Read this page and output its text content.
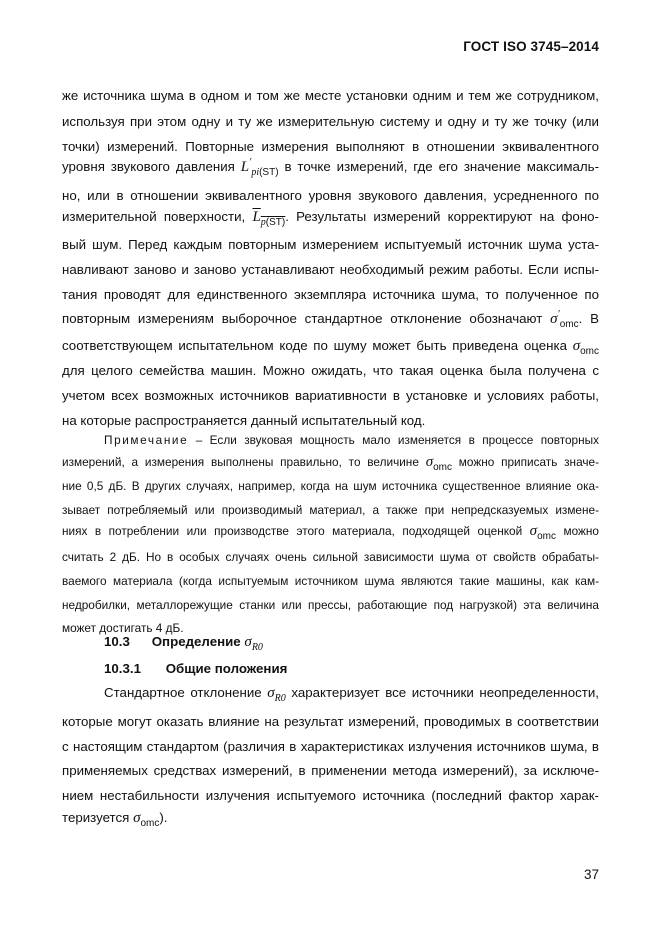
ГОСТ ISO 3745–2014
же источника шума в одном и том же месте установки одним и тем же сотрудником,
используя при этом одну и ту же измерительную систему и одну и ту же точку (или
точки) измерений. Повторные измерения выполняют в отношении эквивалентного
уровня звукового давления $L'_{pi(ST)}$ в точке измерений, где его значение максималь-
но, или в отношении эквивалентного уровня звукового давления, усредненного по
измерительной поверхности, $L_{p(ST)}$. Результаты измерений корректируют на фоно-
вый шум. Перед каждым повторным измерением испытуемый источник шума уста-
навливают заново и заново устанавливают необходимый режим работы. Если испы-
тания проводят для единственного экземпляра источника шума, то полученное по
повторным измерениям выборочное стандартное отклонение обозначают $\sigma'_{omc}$. В
соответствующем испытательном коде по шуму может быть приведена оценка $\sigma_{omc}$
для целого семейства машин. Можно ожидать, что такая оценка была получена с
учетом всех возможных источников вариативности в установке и условиях работы,
на которые распространяется данный испытательный код.
Примечание – Если звуковая мощность мало изменяется в процессе повторных
измерений, а измерения выполнены правильно, то величине $\sigma_{omc}$ можно приписать значе-
ние 0,5 дБ. В других случаях, например, когда на шум источника существенное влияние ока-
зывает потребляемый или производимый материал, а также при непредсказуемых измене-
ниях в потреблении или производстве этого материала, подходящей оценкой $\sigma_{omc}$ можно
считать 2 дБ. Но в особых случаях очень сильной зависимости шума от свойств обрабаты-
ваемого материала (когда испытуемым источником шума являются такие машины, как кам-
недробилки, металлорежущие станки или прессы, работающие под нагрузкой) эта величина
может достигать 4 дБ.
10.3 Определение $\sigma_{R0}$
10.3.1 Общие положения
Стандартное отклонение $\sigma_{R0}$ характеризует все источники неопределенности,
которые могут оказать влияние на результат измерений, проводимых в соответствии
с настоящим стандартом (различия в характеристиках излучения источников шума, в
применяемых средствах измерений, в применении метода измерений), за исключе-
нием нестабильности излучения испытуемого источника (последний фактор харак-
теризуется $\sigma_{omc}$).
37
